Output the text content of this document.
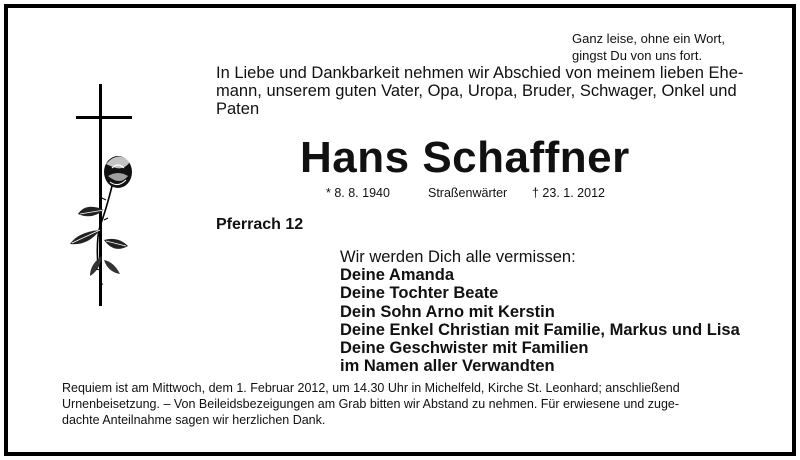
Ganz leise, ohne ein Wort,
gingst Du von uns fort.
In Liebe und Dankbarkeit nehmen wir Abschied von meinem lieben Ehe-
mann, unserem guten Vater, Opa, Uropa, Bruder, Schwager, Onkel und
Paten
Hans Schaffner
* 8. 8. 1940	Straßenwärter † 23. 1. 2012
Pferrach 12
Wir werden Dich alle vermissen:
Deine Amanda
Deine Tochter Beate
Dein Sohn Arno mit Kerstin
Deine Enkel Christian mit Familie, Markus und Lisa
Deine Geschwister mit Familien
im Namen aller Verwandten
Requiem ist am Mittwoch, dem 1. Februar 2012, um 14.30 Uhr in Michelfeld, Kirche St. Leonhard; anschließend
Urnenbeisetzung. – Von Beileidsbezeigungen am Grab bitten wir Abstand zu nehmen. Für erwiesene und zuge-
dachte Anteilnahme sagen wir herzlichen Dank.
